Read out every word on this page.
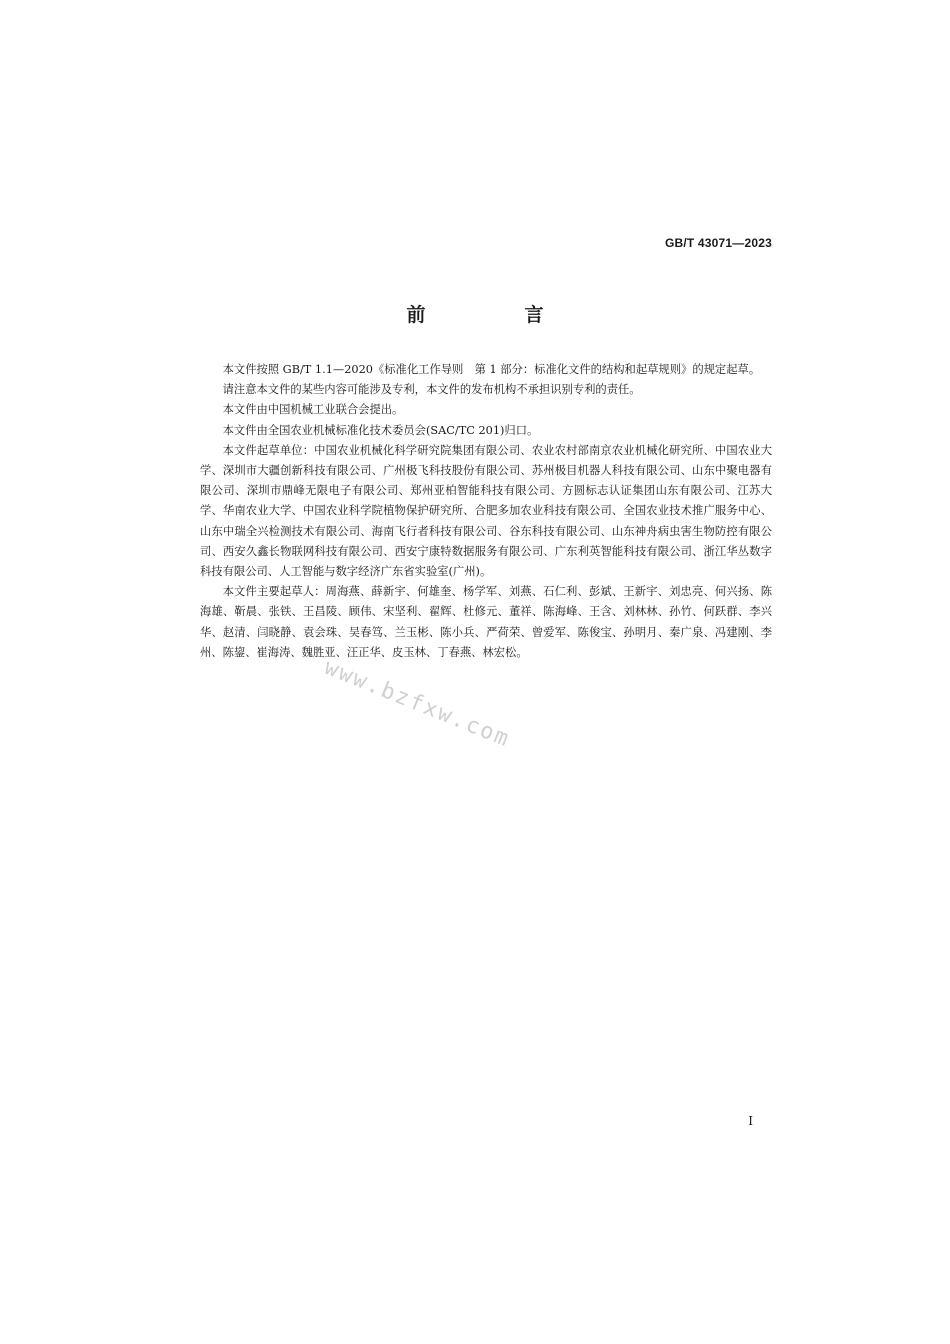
GB/T 43071—2023
前　言

本文件按照 GB/T 1.1—2020《标准化工作导则　第 1 部分：标准化文件的结构和起草规则》的规定起草。

请注意本文件的某些内容可能涉及专利，本文件的发布机构不承担识别专利的责任。

本文件由中国机械工业联合会提出。

本文件由全国农业机械标准化技术委员会(SAC/TC 201)归口。

本文件起草单位：中国农业机械化科学研究院集团有限公司、农业农村部南京农业机械化研究所、中国农业大学、深圳市大疆创新科技有限公司、广州极飞科技股份有限公司、苏州极目机器人科技有限公司、山东中聚电器有限公司、深圳市鼎峰无限电子有限公司、郑州亚柏智能科技有限公司、方圆标志认证集团山东有限公司、江苏大学、华南农业大学、中国农业科学院植物保护研究所、合肥多加农业科技有限公司、全国农业技术推广服务中心、山东中瑞全兴检测技术有限公司、海南飞行者科技有限公司、谷东科技有限公司、山东神舟病虫害生物防控有限公司、西安久鑫长物联网科技有限公司、西安宁康特数据服务有限公司、广东利英智能科技有限公司、浙江华丛数字科技有限公司、人工智能与数字经济广东省实验室(广州)。

本文件主要起草人：周海燕、薛新宇、何雄奎、杨学军、刘燕、石仁利、彭斌、王新宇、刘忠亮、何兴扬、陈海雄、靳晨、张铁、王昌陵、顾伟、宋坚利、翟辉、杜修元、董祥、陈海峰、王含、刘林林、孙竹、何跃群、李兴华、赵清、闫晓静、袁会珠、吴春笃、兰玉彬、陈小兵、严荷荣、曾爱军、陈俊宝、孙明月、秦广泉、冯建刚、李州、陈鋆、崔海涛、魏胜亚、汪正华、皮玉林、丁春燕、林宏松。

www.bzfxw.com
I
